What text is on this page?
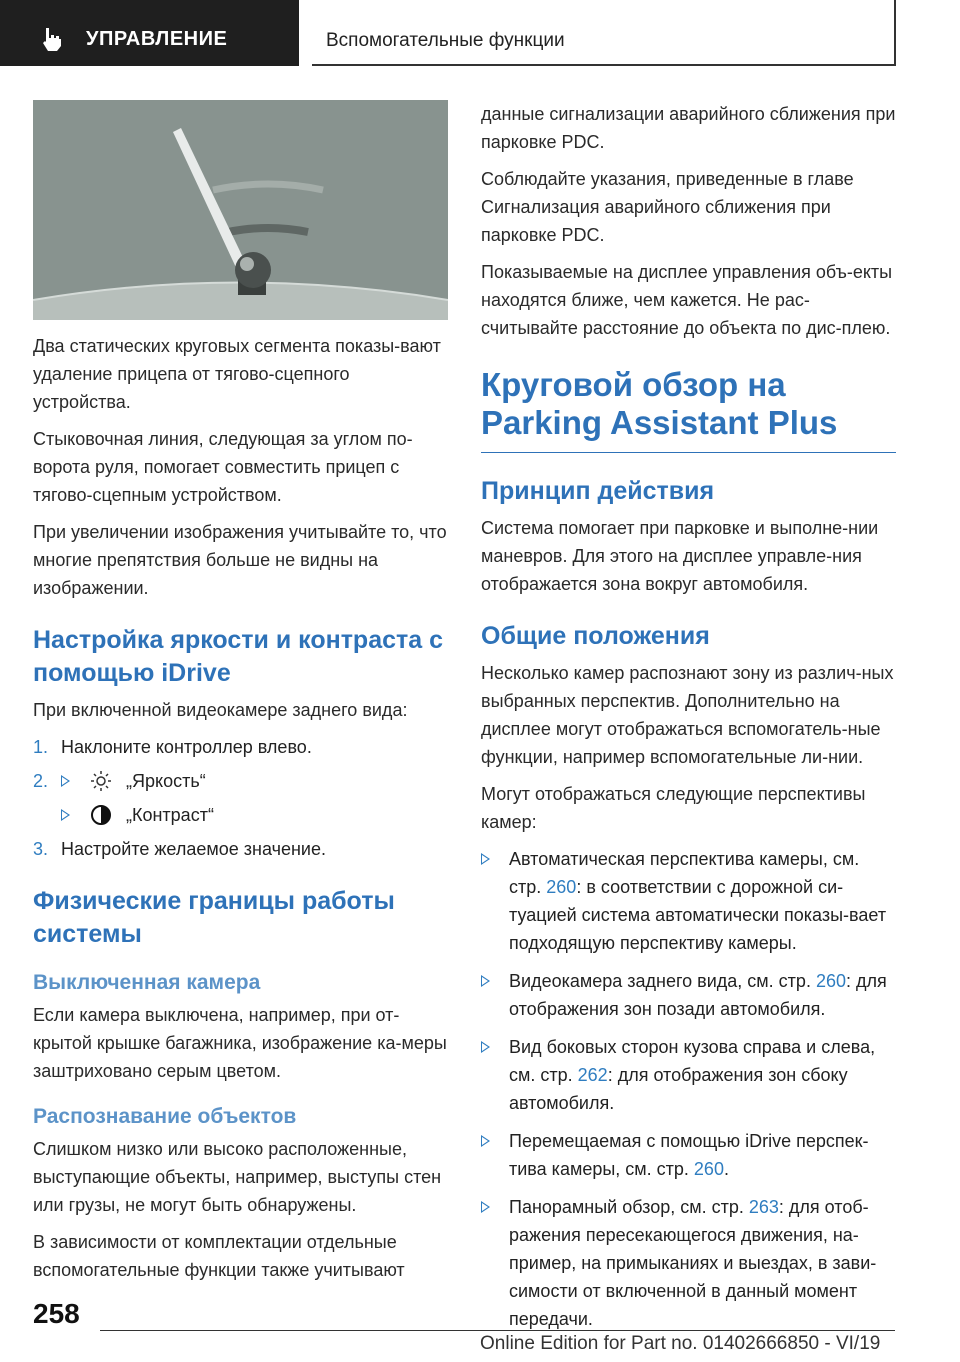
УПРАВЛЕНИЕ	Вспомогательные функции

Два статических круговых сегмента показы-вают удаление прицепа от тягово-сцепного устройства.

Стыковочная линия, следующая за углом по-ворота руля, помогает совместить прицеп с тягово-сцепным устройством.

При увеличении изображения учитывайте то, что многие препятствия больше не видны на изображении.

Настройка яркости и контраста с помощью iDrive

При включенной видеокамере заднего вида:

1. Наклоните контроллер влево.
2.	„Яркость“
„Контраст“
3. Настройте желаемое значение.
Физические границы работы системы
Выключенная камера

Если камера выключена, например, при от-крытой крышке багажника, изображение ка-меры заштриховано серым цветом.

Распознавание объектов

Слишком низко или высоко расположенные, выступающие объекты, например, выступы стен или грузы, не могут быть обнаружены.

В зависимости от комплектации отдельные вспомогательные функции также учитывают

данные сигнализации аварийного сближения при парковке PDC.

Соблюдайте указания, приведенные в главе Сигнализация аварийного сближения при парковке PDC.

Показываемые на дисплее управления объ-екты находятся ближе, чем кажется. Не рас-считывайте расстояние до объекта по дис-плею.

Круговой обзор на Parking Assistant Plus
Принцип действия

Система помогает при парковке и выполне-нии маневров. Для этого на дисплее управле-ния отображается зона вокруг автомобиля.

Общие положения

Несколько камер распознают зону из различ-ных выбранных перспектив. Дополнительно на дисплее могут отображаться вспомогатель-ные функции, например вспомогательные ли-нии.

Могут отображаться следующие перспективы камер:

Автоматическая перспектива камеры, см. стр. 260: в соответствии с дорожной си-туацией система автоматически показы-вает подходящую перспективу камеры.
Видеокамера заднего вида, см. стр. 260: для отображения зон позади автомобиля.
Вид боковых сторон кузова справа и слева, см. стр. 262: для отображения зон сбоку автомобиля.
Перемещаемая с помощью iDrive перспек-тива камеры, см. стр. 260.
Панорамный обзор, см. стр. 263: для отоб-ражения пересекающегося движения, на-пример, на примыканиях и выездах, в зави-симости от включенной в данный момент передачи.
258
Online Edition for Part no. 01402666850 - VI/19
